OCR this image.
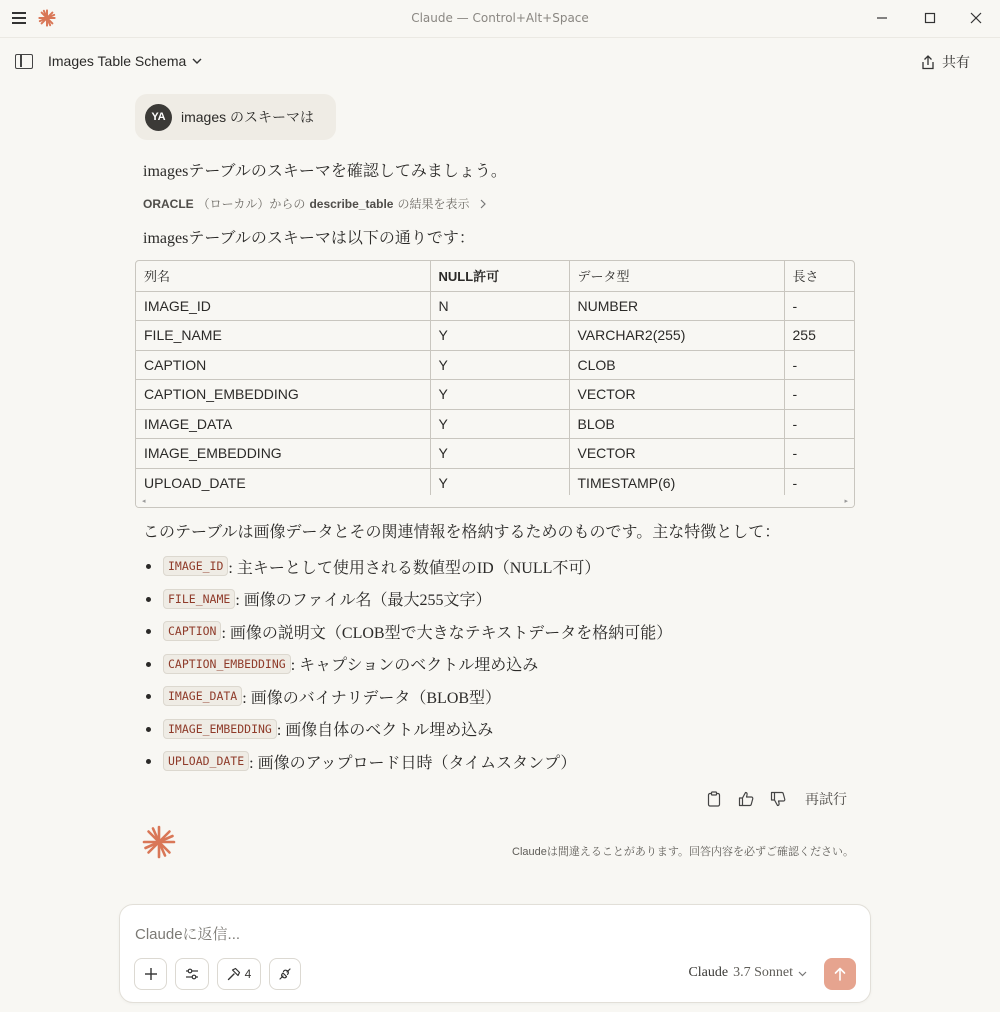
Claude — Control+Alt+Space
Images Table Schema	共有
YA	images のスキーマは
imagesテーブルのスキーマを確認してみましょう。
ORACLE （ローカル）からの describe_table の結果を表示
imagesテーブルのスキーマは以下の通りです：
列名	NULL許可	データ型	長さ
IMAGE_ID	N	NUMBER	-
FILE_NAME	Y	VARCHAR2(255)	255
CAPTION	Y	CLOB	-
CAPTION_EMBEDDING	Y	VECTOR	-
IMAGE_DATA	Y	BLOB	-
IMAGE_EMBEDDING	Y	VECTOR	-
UPLOAD_DATE	Y	TIMESTAMP(6)	-
◂	▸
このテーブルは画像データとその関連情報を格納するためのものです。主な特徴として：
IMAGE_ID : 主キーとして使用される数値型のID（NULL不可）
FILE_NAME : 画像のファイル名（最大255文字）
CAPTION : 画像の説明文（CLOB型で大きなテキストデータを格納可能）
CAPTION_EMBEDDING : キャプションのベクトル埋め込み
IMAGE_DATA : 画像のバイナリデータ（BLOB型）
IMAGE_EMBEDDING : 画像自体のベクトル埋め込み
UPLOAD_DATE : 画像のアップロード日時（タイムスタンプ）
再試行
Claudeは間違えることがあります。回答内容を必ずご確認ください。
Claudeに返信...
4	Claude 3.7 Sonnet
